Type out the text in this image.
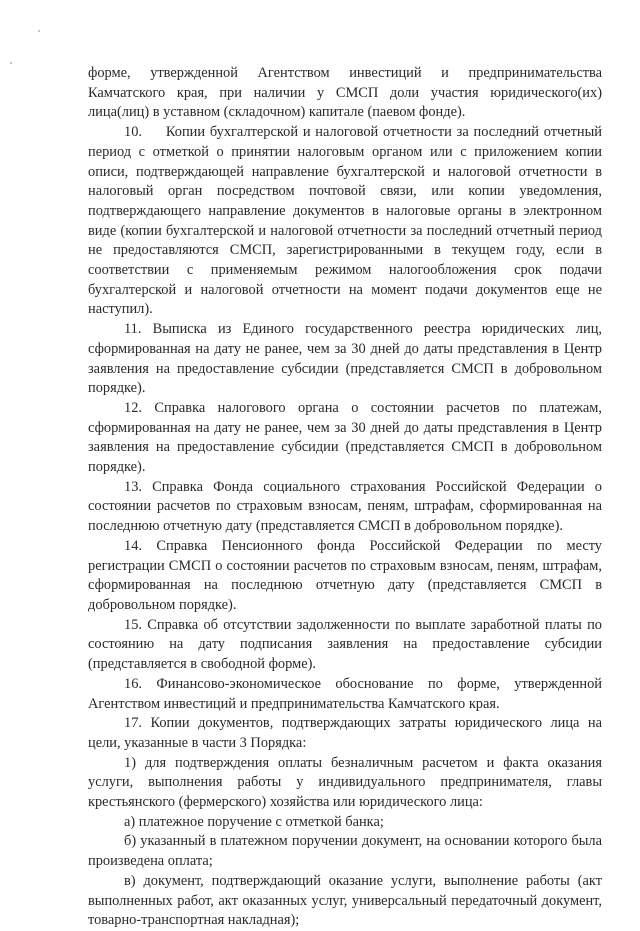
форме, утвержденной Агентством инвестиций и предпринимательства Камчатского края, при наличии у СМСП доли участия юридического(их) лица(лиц) в уставном (складочном) капитале (паевом фонде).

10.     Копии бухгалтерской и налоговой отчетности за последний отчетный период с отметкой о принятии налоговым органом или с приложением копии описи, подтверждающей направление бухгалтерской и налоговой отчетности в налоговый орган посредством почтовой связи, или копии уведомления, подтверждающего направление документов в налоговые органы в электронном виде (копии бухгалтерской и налоговой отчетности за последний отчетный период не предоставляются СМСП, зарегистрированными в текущем году, если в соответствии с применяемым режимом налогообложения срок подачи бухгалтерской и налоговой отчетности на момент подачи документов еще не наступил).

11. Выписка из Единого государственного реестра юридических лиц, сформированная на дату не ранее, чем за 30 дней до даты представления в Центр заявления на предоставление субсидии (представляется СМСП в добровольном порядке).

12. Справка налогового органа о состоянии расчетов по платежам, сформированная на дату не ранее, чем за 30 дней до даты представления в Центр заявления на предоставление субсидии (представляется СМСП в добровольном порядке).

13. Справка Фонда социального страхования Российской Федерации о состоянии расчетов по страховым взносам, пеням, штрафам, сформированная на последнюю отчетную дату (представляется СМСП в добровольном порядке).

14. Справка Пенсионного фонда Российской Федерации по месту регистрации СМСП о состоянии расчетов по страховым взносам, пеням, штрафам, сформированная на последнюю отчетную дату (представляется СМСП в добровольном порядке).

15. Справка об отсутствии задолженности по выплате заработной платы по состоянию на дату подписания заявления на предоставление субсидии (представляется в свободной форме).

16. Финансово-экономическое обоснование по форме, утвержденной Агентством инвестиций и предпринимательства Камчатского края.

17. Копии документов, подтверждающих затраты юридического лица на цели, указанные в части 3 Порядка:

1) для подтверждения оплаты безналичным расчетом и факта оказания услуги, выполнения работы у индивидуального предпринимателя, главы крестьянского (фермерского) хозяйства или юридического лица:

а) платежное поручение с отметкой банка;

б) указанный в платежном поручении документ, на основании которого была произведена оплата;

в) документ, подтверждающий оказание услуги, выполнение работы (акт выполненных работ, акт оказанных услуг, универсальный передаточный документ, товарно-транспортная накладная);
